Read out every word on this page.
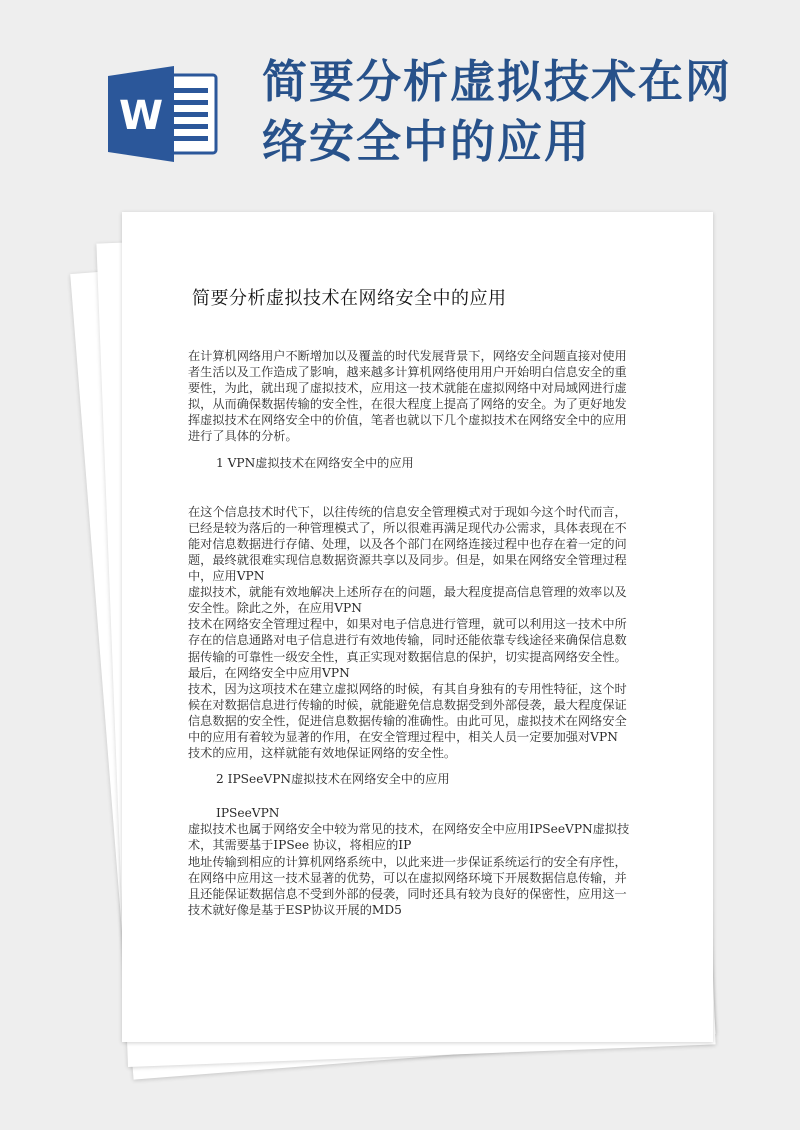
W
简要分析虚拟技术在网络安全中的应用
简要分析虚拟技术在网络安全中的应用

在计算机网络用户不断增加以及覆盖的时代发展背景下，网络安全问题直接对使用者生活以及工作造成了影响，越来越多计算机网络使用用户开始明白信息安全的重要性，为此，就出现了虚拟技术，应用这一技术就能在虚拟网络中对局域网进行虚拟，从而确保数据传输的安全性，在很大程度上提高了网络的安全。为了更好地发挥虚拟技术在网络安全中的价值，笔者也就以下几个虚拟技术在网络安全中的应用进行了具体的分析。

1 VPN虚拟技术在网络安全中的应用

在这个信息技术时代下，以往传统的信息安全管理模式对于现如今这个时代而言，已经是较为落后的一种管理模式了，所以很难再满足现代办公需求，具体表现在不能对信息数据进行存储、处理，以及各个部门在网络连接过程中也存在着一定的问题，最终就很难实现信息数据资源共享以及同步。但是，如果在网络安全管理过程中，应用VPN

虚拟技术，就能有效地解决上述所存在的问题，最大程度提高信息管理的效率以及安全性。除此之外，在应用VPN

技术在网络安全管理过程中，如果对电子信息进行管理，就可以利用这一技术中所存在的信息通路对电子信息进行有效地传输，同时还能依靠专线途径来确保信息数据传输的可靠性一级安全性，真正实现对数据信息的保护，切实提高网络安全性。最后，在网络安全中应用VPN

技术，因为这项技术在建立虚拟网络的时候，有其自身独有的专用性特征，这个时候在对数据信息进行传输的时候，就能避免信息数据受到外部侵袭，最大程度保证信息数据的安全性，促进信息数据传输的准确性。由此可见，虚拟技术在网络安全中的应用有着较为显著的作用，在安全管理过程中，相关人员一定要加强对VPN 技术的应用，这样就能有效地保证网络的安全性。

2 IPSeeVPN虚拟技术在网络安全中的应用

IPSeeVPN

虚拟技术也属于网络安全中较为常见的技术，在网络安全中应用IPSeeVPN虚拟技术，其需要基于IPSee 协议，将相应的IP

地址传输到相应的计算机网络系统中，以此来进一步保证系统运行的安全有序性，在网络中应用这一技术显著的优势，可以在虚拟网络环境下开展数据信息传输，并且还能保证数据信息不受到外部的侵袭，同时还具有较为良好的保密性，应用这一技术就好像是基于ESP协议开展的MD5
